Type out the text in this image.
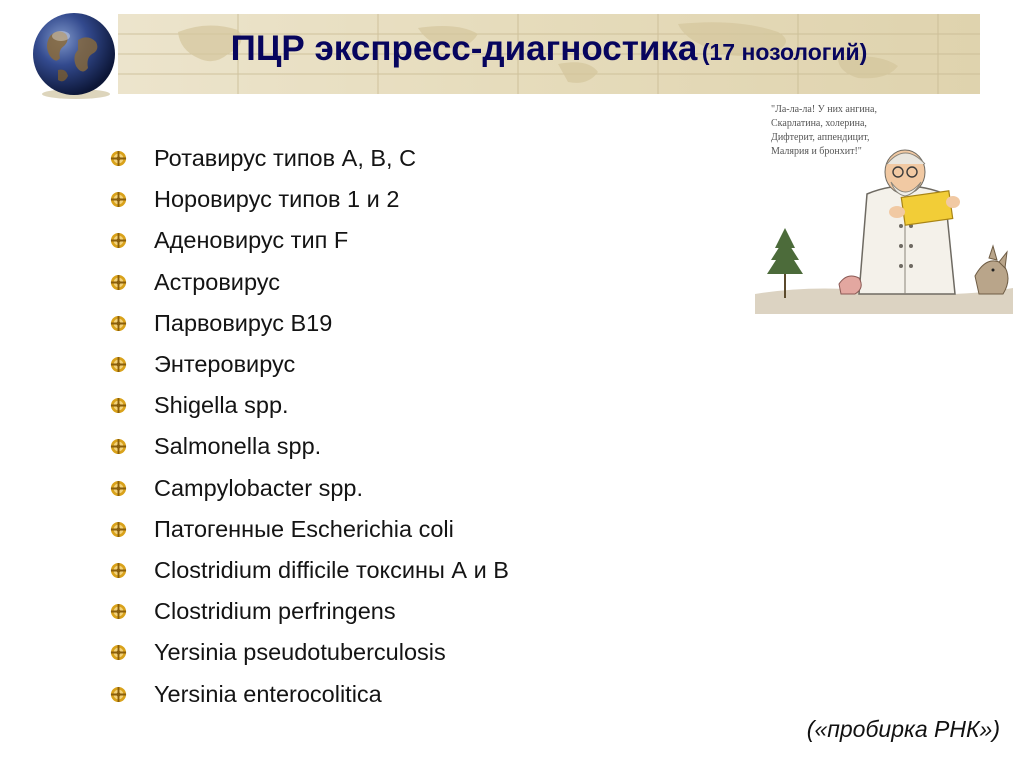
ПЦР экспресс-диагностика (17 нозологий)
Ротавирус типов А, В, С
Норовирус типов 1 и 2
Аденовирус тип F
Астровирус
Парвовирус В19
Энтеровирус
Shigella spp.
Salmonella spp.
Campylobacter spp.
Патогенные Escherichia coli
Clostridium difficile токсины А и В
Clostridium perfringens
Yersinia pseudotuberculosis
Yersinia enterocolitica
"Ла-ла-ла! У них ангина,
Скарлатина, холерина,
Дифтерит, аппендицит,
Малярия и бронхит!"
(«пробирка РНК»)
